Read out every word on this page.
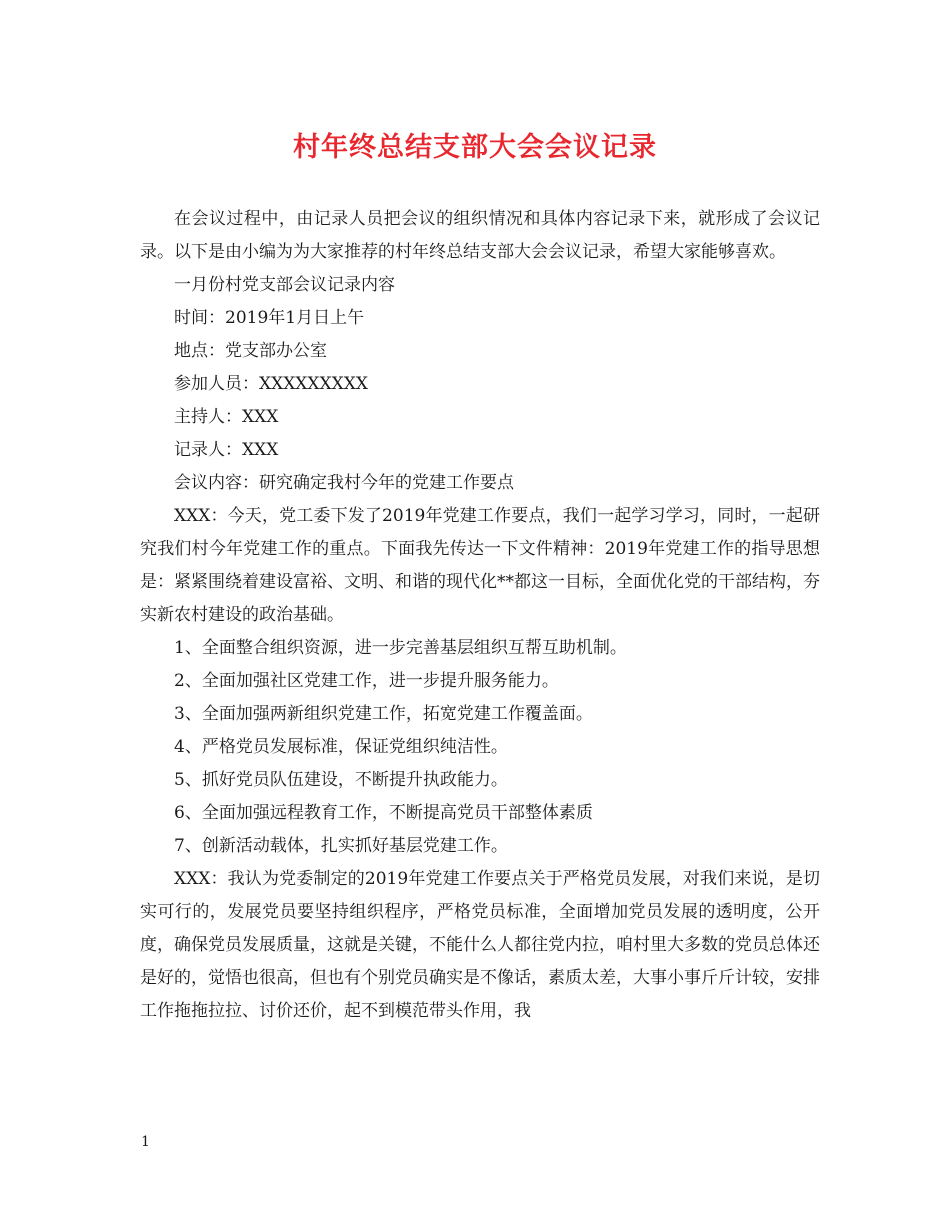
村年终总结支部大会会议记录

在会议过程中，由记录人员把会议的组织情况和具体内容记录下来，就形成了会议记录。以下是由小编为为大家推荐的村年终总结支部大会会议记录，希望大家能够喜欢。

一月份村党支部会议记录内容

时间：2019年1月日上午

地点：党支部办公室

参加人员：XXXXXXXXX

主持人：XXX

记录人：XXX

会议内容：研究确定我村今年的党建工作要点

XXX：今天，党工委下发了2019年党建工作要点，我们一起学习学习，同时，一起研究我们村今年党建工作的重点。下面我先传达一下文件精神：2019年党建工作的指导思想是：紧紧围绕着建设富裕、文明、和谐的现代化**都这一目标，全面优化党的干部结构，夯实新农村建设的政治基础。

1、全面整合组织资源，进一步完善基层组织互帮互助机制。

2、全面加强社区党建工作，进一步提升服务能力。

3、全面加强两新组织党建工作，拓宽党建工作覆盖面。

4、严格党员发展标准，保证党组织纯洁性。

5、抓好党员队伍建设，不断提升执政能力。

6、全面加强远程教育工作，不断提高党员干部整体素质

7、创新活动载体，扎实抓好基层党建工作。

XXX：我认为党委制定的2019年党建工作要点关于严格党员发展，对我们来说，是切实可行的，发展党员要坚持组织程序，严格党员标准，全面增加党员发展的透明度，公开度，确保党员发展质量，这就是关键，不能什么人都往党内拉，咱村里大多数的党员总体还是好的，觉悟也很高，但也有个别党员确实是不像话，素质太差，大事小事斤斤计较，安排工作拖拖拉拉、讨价还价，起不到模范带头作用，我

1
